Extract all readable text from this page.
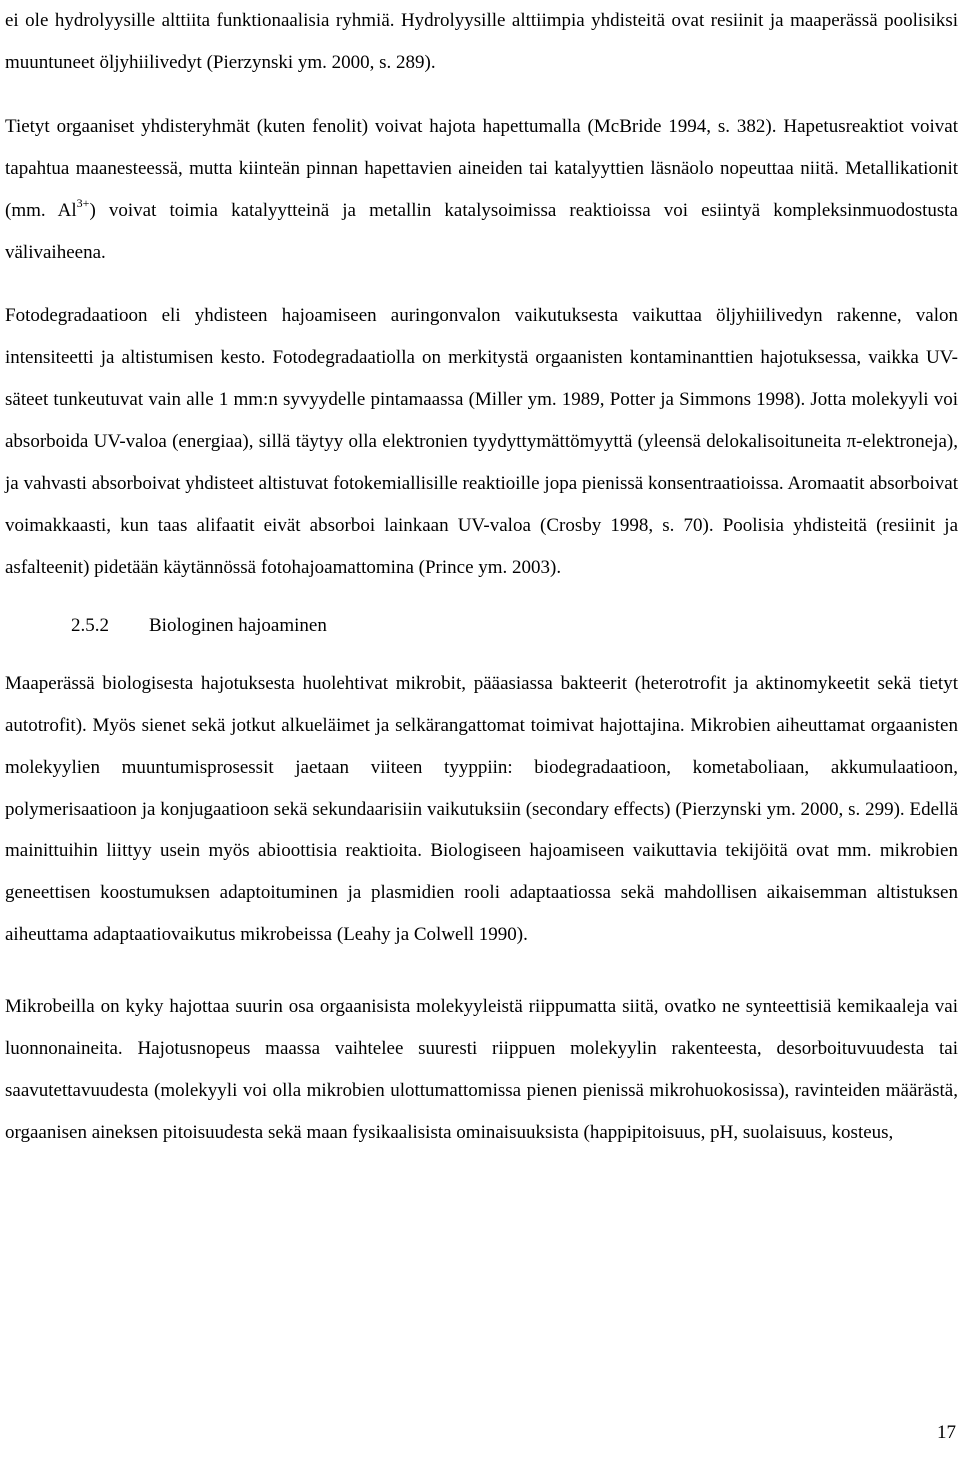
ei ole hydrolyysille alttiita funktionaalisia ryhmiä. Hydrolyysille alttiimpia yhdisteitä ovat resiinit ja maaperässä poolisiksi muuntuneet öljyhiilivedyt (Pierzynski ym. 2000, s. 289).

Tietyt orgaaniset yhdisteryhmät (kuten fenolit) voivat hajota hapettumalla (McBride 1994, s. 382). Hapetusreaktiot voivat tapahtua maanesteessä, mutta kiinteän pinnan hapettavien aineiden tai katalyyttien läsnäolo nopeuttaa niitä. Metallikationit (mm. $Al^{3+}$) voivat toimia katalyytteinä ja metallin katalysoimissa reaktioissa voi esiintyä kompleksinmuodostusta välivaiheena.

Fotodegradaatioon eli yhdisteen hajoamiseen auringonvalon vaikutuksesta vaikuttaa öljyhiilivedyn rakenne, valon intensiteetti ja altistumisen kesto. Fotodegradaatiolla on merkitystä orgaanisten kontaminanttien hajotuksessa, vaikka UV-säteet tunkeutuvat vain alle 1 mm:n syvyydelle pintamaassa (Miller ym. 1989, Potter ja Simmons 1998). Jotta molekyyli voi absorboida UV-valoa (energiaa), sillä täytyy olla elektronien tyydyttymättömyyttä (yleensä delokalisoituneita π-elektroneja), ja vahvasti absorboivat yhdisteet altistuvat fotokemiallisille reaktioille jopa pienissä konsentraatioissa. Aromaatit absorboivat voimakkaasti, kun taas alifaatit eivät absorboi lainkaan UV-valoa (Crosby 1998, s. 70). Poolisia yhdisteitä (resiinit ja asfalteenit) pidetään käytännössä fotohajoamattomina (Prince ym. 2003).

2.5.2 Biologinen hajoaminen

Maaperässä biologisesta hajotuksesta huolehtivat mikrobit, pääasiassa bakteerit (heterotrofit ja aktinomykeetit sekä tietyt autotrofit). Myös sienet sekä jotkut alkueläimet ja selkärangattomat toimivat hajottajina. Mikrobien aiheuttamat orgaanisten molekyylien muuntumisprosessit jaetaan viiteen tyyppiin: biodegradaatioon, kometaboliaan, akkumulaatioon, polymerisaatioon ja konjugaatioon sekä sekundaarisiin vaikutuksiin (secondary effects) (Pierzynski ym. 2000, s. 299). Edellä mainittuihin liittyy usein myös abioottisia reaktioita. Biologiseen hajoamiseen vaikuttavia tekijöitä ovat mm. mikrobien geneettisen koostumuksen adaptoituminen ja plasmidien rooli adaptaatiossa sekä mahdollisen aikaisemman altistuksen aiheuttama adaptaatiovaikutus mikrobeissa (Leahy ja Colwell 1990).

Mikrobeilla on kyky hajottaa suurin osa orgaanisista molekyyleistä riippumatta siitä, ovatko ne synteettisiä kemikaaleja vai luonnonaineita. Hajotusnopeus maassa vaihtelee suuresti riippuen molekyylin rakenteesta, desorboituvuudesta tai saavutettavuudesta (molekyyli voi olla mikrobien ulottumattomissa pienen pienissä mikrohuokosissa), ravinteiden määrästä, orgaanisen aineksen pitoisuudesta sekä maan fysikaalisista ominaisuuksista (happipitoisuus, pH, suolaisuus, kosteus,

17
